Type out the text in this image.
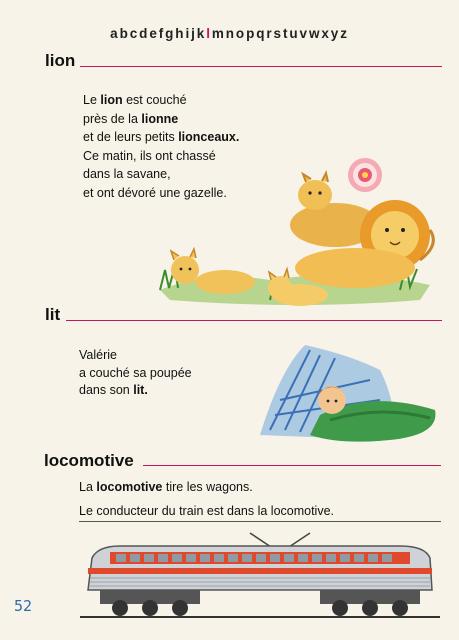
abcdefghijklmnopqrstuvwxyz
lion
Le lion est couché
près de la lionne
et de leurs petits lionceaux.
Ce matin, ils ont chassé
dans la savane,
et ont dévoré une gazelle.
lit
Valérie
a couché sa poupée
dans son lit.
locomotive
La locomotive tire les wagons.
Le conducteur du train est dans la locomotive.
52
